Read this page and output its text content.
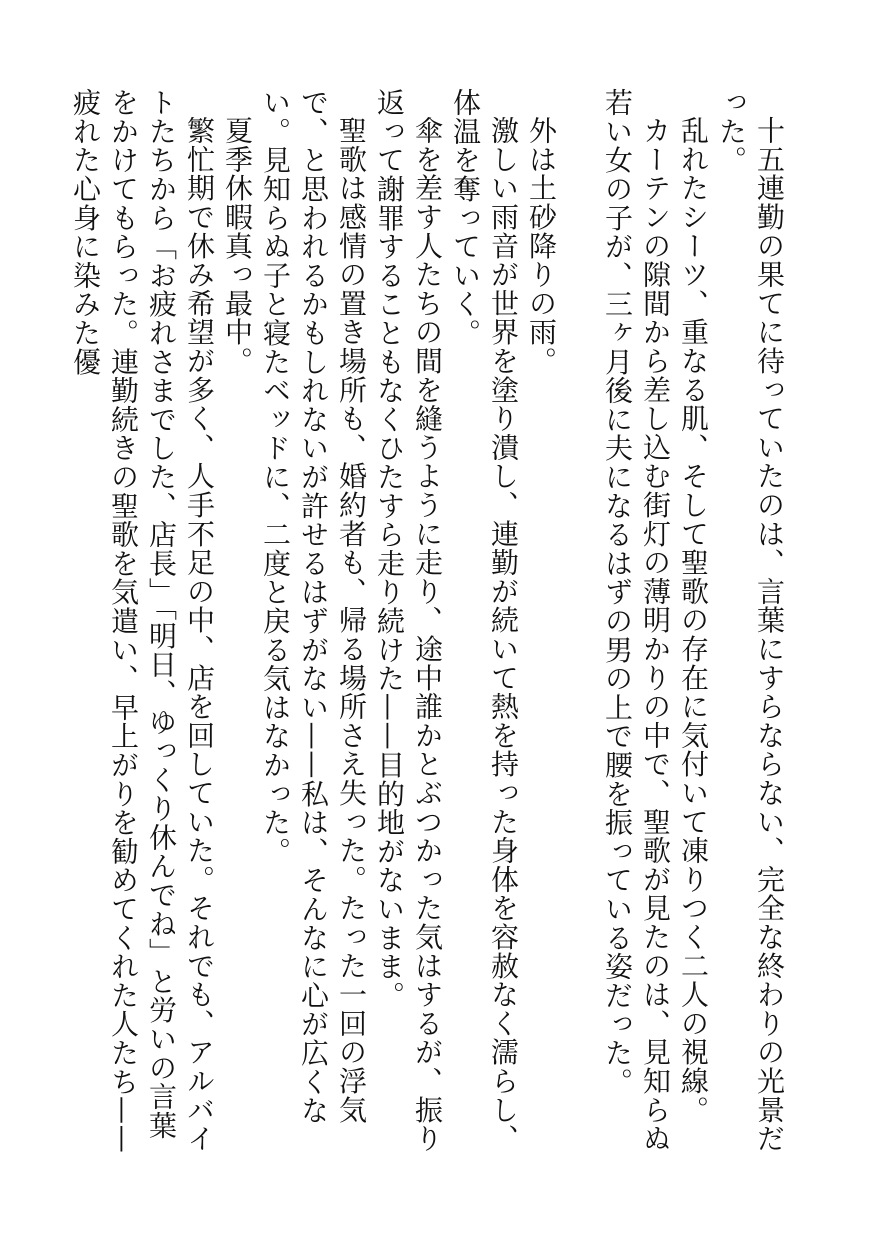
十五連勤の果てに待っていたのは、言葉にすらならない、完全な終わりの光景だった。

乱れたシーツ、重なる肌、そして聖歌の存在に気付いて凍りつく二人の視線。

カーテンの隙間から差し込む街灯の薄明かりの中で、聖歌が見たのは、見知らぬ若い女の子が、三ヶ月後に夫になるはずの男の上で腰を振っている姿だった。

外は土砂降りの雨。

激しい雨音が世界を塗り潰し、連勤が続いて熱を持った身体を容赦なく濡らし、体温を奪っていく。

傘を差す人たちの間を縫うように走り、途中誰かとぶつかった気はするが、振り返って謝罪することもなくひたすら走り続けた——目的地がないまま。

聖歌は感情の置き場所も、婚約者も、帰る場所さえ失った。たった一回の浮気で、と思われるかもしれないが許せるはずがない——私は、そんなに心が広くない。見知らぬ子と寝たベッドに、二度と戻る気はなかった。

夏季休暇真っ最中。

繁忙期で休み希望が多く、人手不足の中、店を回していた。それでも、アルバイトたちから「お疲れさまでした、店長」「明日、ゆっくり休んでね」と労いの言葉をかけてもらった。連勤続きの聖歌を気遣い、早上がりを勧めてくれた人たち——疲れた心身に染みた優
